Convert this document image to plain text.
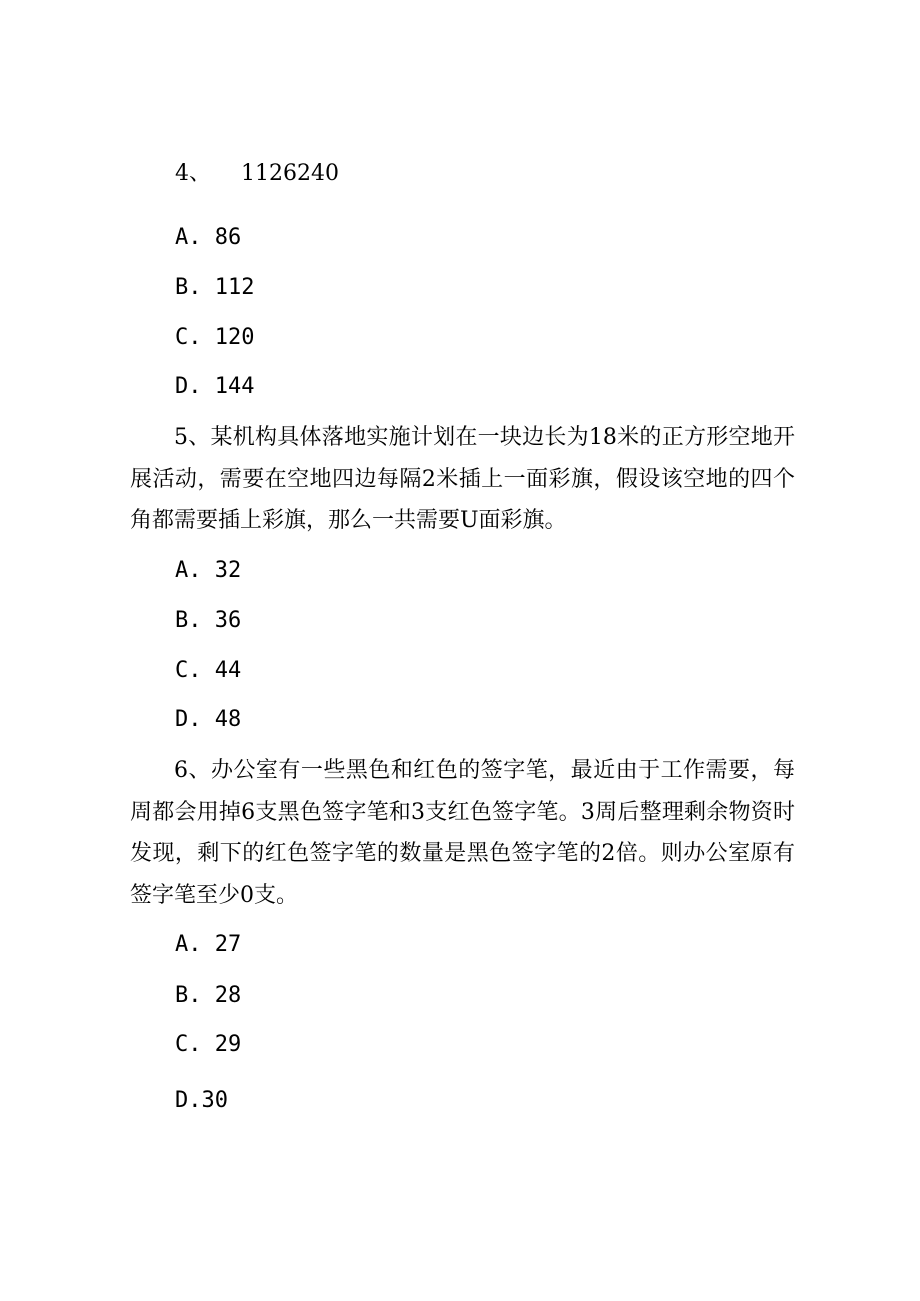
4、 1126240
A. 86
B. 112
C. 120
D. 144

5、某机构具体落地实施计划在一块边长为18米的正方形空地开展活动，需要在空地四边每隔2米插上一面彩旗，假设该空地的四个角都需要插上彩旗，那么一共需要U面彩旗。

A. 32
B. 36
C. 44
D. 48

6、办公室有一些黑色和红色的签字笔，最近由于工作需要，每周都会用掉6支黑色签字笔和3支红色签字笔。3周后整理剩余物资时发现，剩下的红色签字笔的数量是黑色签字笔的2倍。则办公室原有签字笔至少0支。

A. 27
B. 28
C. 29
D.30
